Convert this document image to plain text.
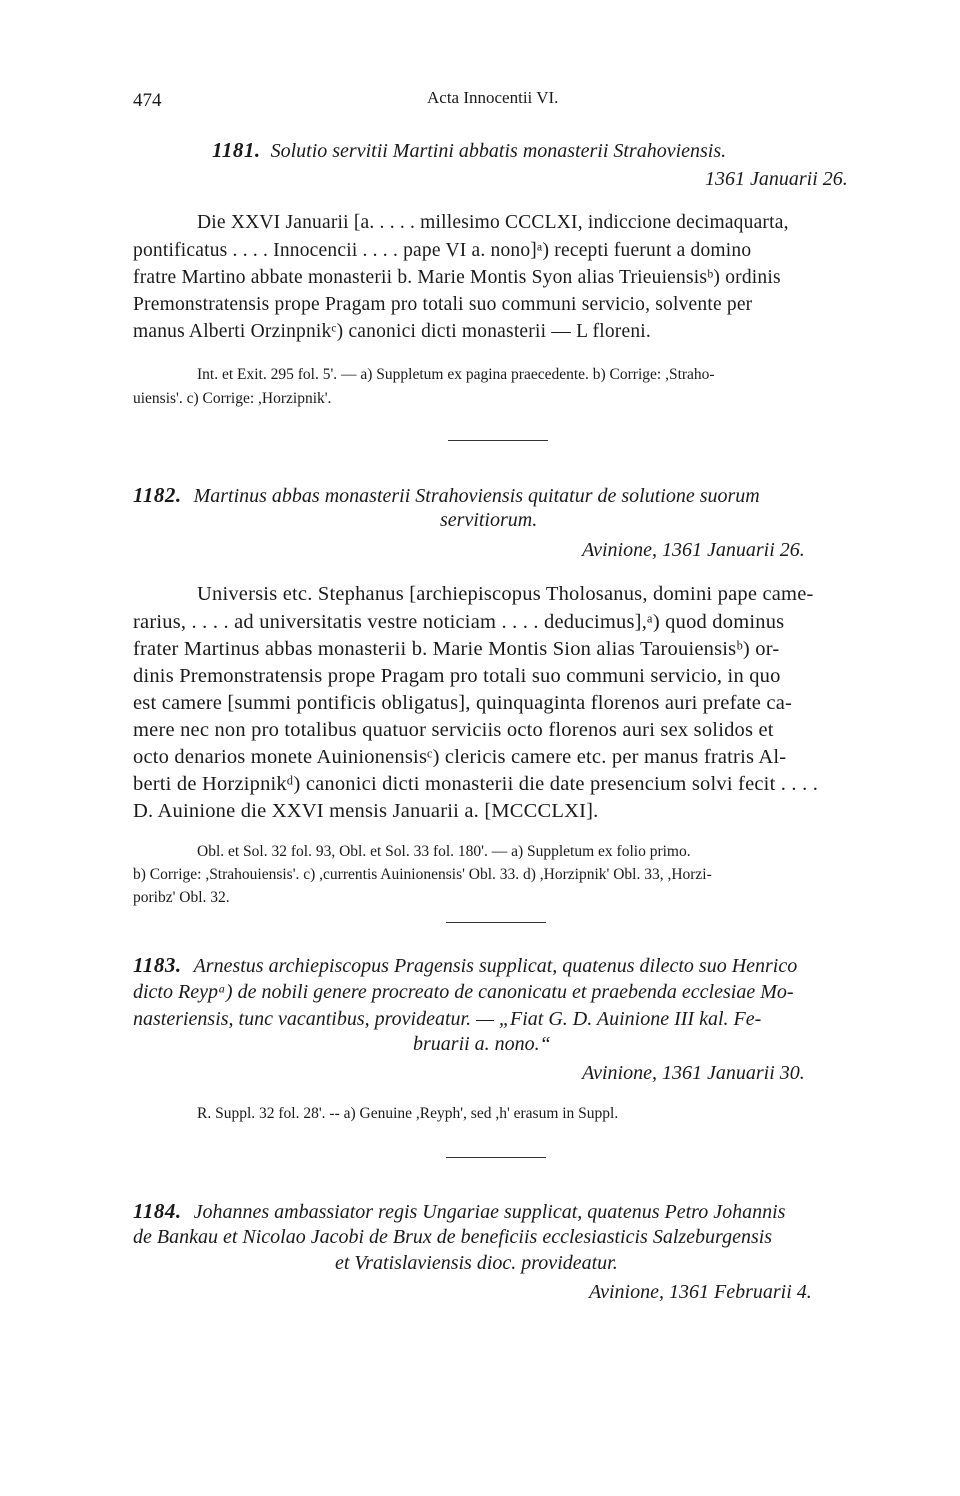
474	Acta Innocentii VI.
1181. Solutio servitii Martini abbatis monasterii Strahoviensis.
1361 Januarii 26.
Die XXVI Januarii [a. . . . . millesimo CCCLXI, indiccione decimaquarta,
pontificatus . . . . Innocencii . . . . pape VI a. nono]ᵃ) recepti fuerunt a domino
fratre Martino abbate monasterii b. Marie Montis Syon alias Trieuiensisᵇ) ordinis
Premonstratensis prope Pragam pro totali suo communi servicio, solvente per
manus Alberti Orzinpnikᶜ) canonici dicti monasterii — L floreni.
Int. et Exit. 295 fol. 5'. — a) Suppletum ex pagina praecedente. b) Corrige: ,Straho-
uiensis'. c) Corrige: ,Horzipnik'.
1182. Martinus abbas monasterii Strahoviensis quitatur de solutione suorum
servitiorum.
Avinione, 1361 Januarii 26.
Universis etc. Stephanus [archiepiscopus Tholosanus, domini pape came-
rarius, . . . . ad universitatis vestre noticiam . . . . deducimus],ᵃ) quod dominus
frater Martinus abbas monasterii b. Marie Montis Sion alias Tarouiensisᵇ) or-
dinis Premonstratensis prope Pragam pro totali suo communi servicio, in quo
est camere [summi pontificis obligatus], quinquaginta florenos auri prefate ca-
mere nec non pro totalibus quatuor serviciis octo florenos auri sex solidos et
octo denarios monete Auinionensisᶜ) clericis camere etc. per manus fratris Al-
berti de Horzipnikᵈ) canonici dicti monasterii die date presencium solvi fecit . . . .
D. Auinione die XXVI mensis Januarii a. [MCCCLXI].
Obl. et Sol. 32 fol. 93, Obl. et Sol. 33 fol. 180'. — a) Suppletum ex folio primo.
b) Corrige: ,Strahouiensis'. c) ,currentis Auinionensis' Obl. 33. d) ,Horzipnik' Obl. 33, ,Horzi-
poribz' Obl. 32.
1183. Arnestus archiepiscopus Pragensis supplicat, quatenus dilecto suo Henrico
dicto Reypᵃ) de nobili genere procreato de canonicatu et praebenda ecclesiae Mo-
nasteriensis, tunc vacantibus, provideatur. — „Fiat G. D. Auinione III kal. Fe-
bruarii a. nono.“
Avinione, 1361 Januarii 30.
R. Suppl. 32 fol. 28'. -- a) Genuine ,Reyph', sed ,h' erasum in Suppl.
1184. Johannes ambassiator regis Ungariae supplicat, quatenus Petro Johannis
de Bankau et Nicolao Jacobi de Brux de beneficiis ecclesiasticis Salzeburgensis
et Vratislaviensis dioc. provideatur.
Avinione, 1361 Februarii 4.
